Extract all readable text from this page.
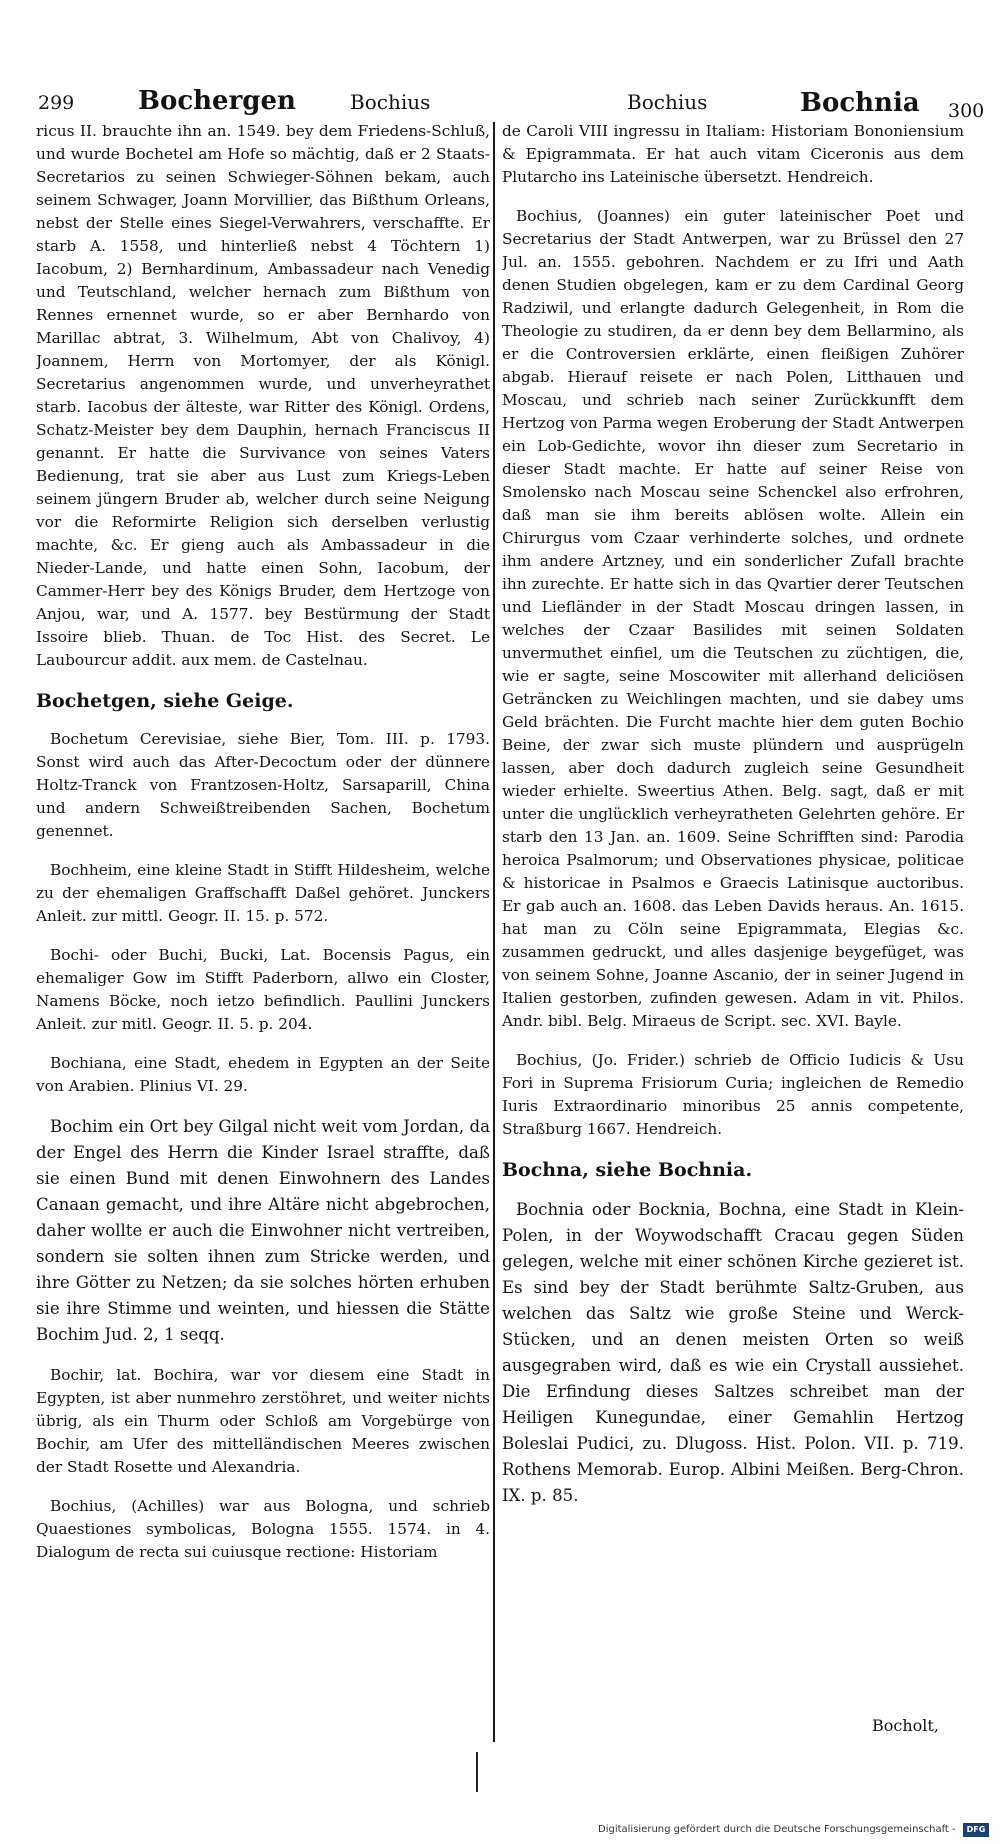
299 Bochergen	Bochius	Bochius	Bochnia 300

ricus II. brauchte ihn an. 1549. bey dem Friedens-Schluß, und wurde Bochetel am Hofe so mächtig, daß er 2 Staats-Secretarios zu seinen Schwieger-Söhnen bekam, auch seinem Schwager, Joann Morvillier, das Bißthum Orleans, nebst der Stelle eines Siegel-Verwahrers, verschaffte. Er starb A. 1558, und hinterließ nebst 4 Töchtern 1) Iacobum, 2) Bernhardinum, Ambassadeur nach Venedig und Teutschland, welcher hernach zum Bißthum von Rennes ernennet wurde, so er aber Bernhardo von Marillac abtrat, 3. Wilhelmum, Abt von Chalivoy, 4) Joannem, Herrn von Mortomyer, der als Königl. Secretarius angenommen wurde, und unverheyrathet starb. Iacobus der älteste, war Ritter des Königl. Ordens, Schatz-Meister bey dem Dauphin, hernach Franciscus II genannt. Er hatte die Survivance von seines Vaters Bedienung, trat sie aber aus Lust zum Kriegs-Leben seinem jüngern Bruder ab, welcher durch seine Neigung vor die Reformirte Religion sich derselben verlustig machte, &c. Er gieng auch als Ambassadeur in die Nieder-Lande, und hatte einen Sohn, Iacobum, der Cammer-Herr bey des Königs Bruder, dem Hertzoge von Anjou, war, und A. 1577. bey Bestürmung der Stadt Issoire blieb. Thuan. de Toc Hist. des Secret. Le Laubourcur addit. aux mem. de Castelnau.

Bochetgen, siehe Geige.

Bochetum Cerevisiae, siehe Bier, Tom. III. p. 1793. Sonst wird auch das After-Decoctum oder der dünnere Holtz-Tranck von Frantzosen-Holtz, Sarsaparill, China und andern Schweißtreibenden Sachen, Bochetum genennet.

Bochheim, eine kleine Stadt in Stifft Hildesheim, welche zu der ehemaligen Graffschafft Daßel gehöret. Junckers Anleit. zur mittl. Geogr. II. 15. p. 572.

Bochi- oder Buchi, Bucki, Lat. Bocensis Pagus, ein ehemaliger Gow im Stifft Paderborn, allwo ein Closter, Namens Böcke, noch ietzo befindlich. Paullini Junckers Anleit. zur mitl. Geogr. II. 5. p. 204.

Bochiana, eine Stadt, ehedem in Egypten an der Seite von Arabien. Plinius VI. 29.

Bochim ein Ort bey Gilgal nicht weit vom Jordan, da der Engel des Herrn die Kinder Israel straffte, daß sie einen Bund mit denen Einwohnern des Landes Canaan gemacht, und ihre Altäre nicht abgebrochen, daher wollte er auch die Einwohner nicht vertreiben, sondern sie solten ihnen zum Stricke werden, und ihre Götter zu Netzen; da sie solches hörten erhuben sie ihre Stimme und weinten, und hiessen die Stätte Bochim Jud. 2, 1 seqq.

Bochir, lat. Bochira, war vor diesem eine Stadt in Egypten, ist aber nunmehro zerstöhret, und weiter nichts übrig, als ein Thurm oder Schloß am Vorgebürge von Bochir, am Ufer des mittelländischen Meeres zwischen der Stadt Rosette und Alexandria.

Bochius, (Achilles) war aus Bologna, und schrieb Quaestiones symbolicas, Bologna 1555. 1574. in 4. Dialogum de recta sui cuiusque rectione: Historiam

de Caroli VIII ingressu in Italiam: Historiam Bononiensium & Epigrammata. Er hat auch vitam Ciceronis aus dem Plutarcho ins Lateinische übersetzt. Hendreich.

Bochius, (Joannes) ein guter lateinischer Poet und Secretarius der Stadt Antwerpen, war zu Brüssel den 27 Jul. an. 1555. gebohren. Nachdem er zu Ifri und Aath denen Studien obgelegen, kam er zu dem Cardinal Georg Radziwil, und erlangte dadurch Gelegenheit, in Rom die Theologie zu studiren, da er denn bey dem Bellarmino, als er die Controversien erklärte, einen fleißigen Zuhörer abgab. Hierauf reisete er nach Polen, Litthauen und Moscau, und schrieb nach seiner Zurückkunfft dem Hertzog von Parma wegen Eroberung der Stadt Antwerpen ein Lob-Gedichte, wovor ihn dieser zum Secretario in dieser Stadt machte. Er hatte auf seiner Reise von Smolensko nach Moscau seine Schenckel also erfrohren, daß man sie ihm bereits ablösen wolte. Allein ein Chirurgus vom Czaar verhinderte solches, und ordnete ihm andere Artzney, und ein sonderlicher Zufall brachte ihn zurechte. Er hatte sich in das Qvartier derer Teutschen und Liefländer in der Stadt Moscau dringen lassen, in welches der Czaar Basilides mit seinen Soldaten unvermuthet einfiel, um die Teutschen zu züchtigen, die, wie er sagte, seine Moscowiter mit allerhand deliciösen Geträncken zu Weichlingen machten, und sie dabey ums Geld brächten. Die Furcht machte hier dem guten Bochio Beine, der zwar sich muste plündern und ausprügeln lassen, aber doch dadurch zugleich seine Gesundheit wieder erhielte. Sweertius Athen. Belg. sagt, daß er mit unter die unglücklich verheyratheten Gelehrten gehöre. Er starb den 13 Jan. an. 1609. Seine Schrifften sind: Parodia heroica Psalmorum; und Observationes physicae, politicae & historicae in Psalmos e Graecis Latinisque auctoribus. Er gab auch an. 1608. das Leben Davids heraus. An. 1615. hat man zu Cöln seine Epigrammata, Elegias &c. zusammen gedruckt, und alles dasjenige beygefüget, was von seinem Sohne, Joanne Ascanio, der in seiner Jugend in Italien gestorben, zufinden gewesen. Adam in vit. Philos. Andr. bibl. Belg. Miraeus de Script. sec. XVI. Bayle.

Bochius, (Jo. Frider.) schrieb de Officio Iudicis & Usu Fori in Suprema Frisiorum Curia; ingleichen de Remedio Iuris Extraordinario minoribus 25 annis competente, Straßburg 1667. Hendreich.

Bochna, siehe Bochnia.

Bochnia oder Bocknia, Bochna, eine Stadt in Klein-Polen, in der Woywodschafft Cracau gegen Süden gelegen, welche mit einer schönen Kirche gezieret ist. Es sind bey der Stadt berühmte Saltz-Gruben, aus welchen das Saltz wie große Steine und Werck-Stücken, und an denen meisten Orten so weiß ausgegraben wird, daß es wie ein Crystall aussiehet. Die Erfindung dieses Saltzes schreibet man der Heiligen Kunegundae, einer Gemahlin Hertzog Boleslai Pudici, zu. Dlugoss. Hist. Polon. VII. p. 719. Rothens Memorab. Europ. Albini Meißen. Berg-Chron. IX. p. 85.

Bocholt,
Digitalisierung gefördert durch die Deutsche Forschungsgemeinschaft -	DFG
